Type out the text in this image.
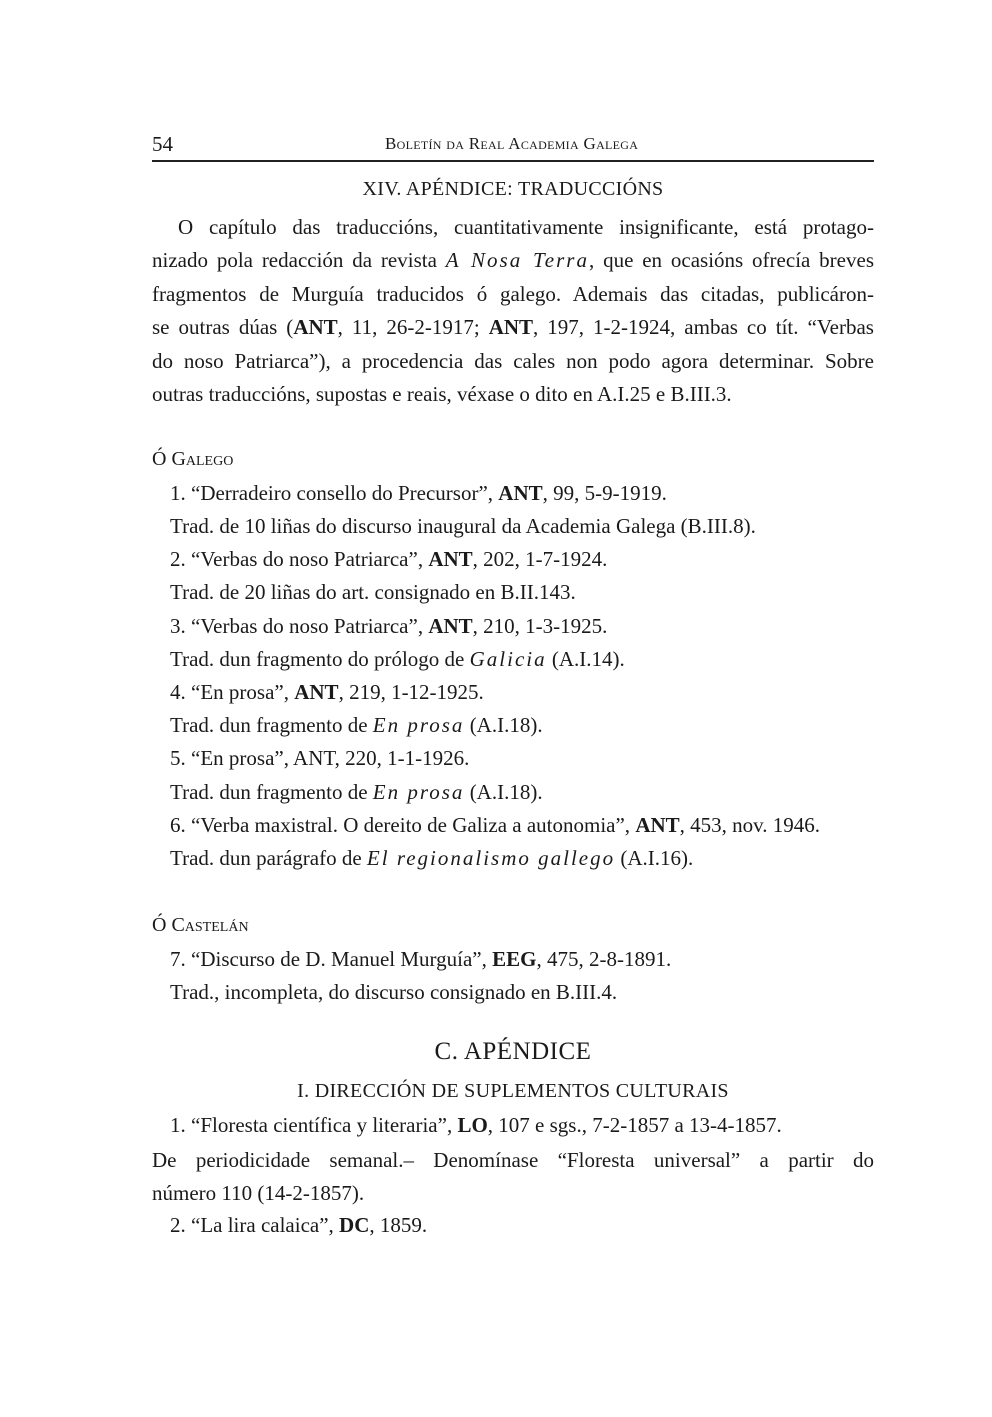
54	Boletín da Real Academia Galega
XIV. APÉNDICE: TRADUCCIÓNS
O capítulo das traduccións, cuantitativamente insignificante, está protago-
nizado pola redacción da revista A Nosa Terra, que en ocasións ofrecía breves
fragmentos de Murguía traducidos ó galego. Ademais das citadas, publicáron-
se outras dúas (ANT, 11, 26-2-1917; ANT, 197, 1-2-1924, ambas co tít. “Verbas
do noso Patriarca”), a procedencia das cales non podo agora determinar. Sobre
outras traduccións, supostas e reais, véxase o dito en A.I.25 e B.III.3.
Ó Galego
1. “Derradeiro consello do Precursor”, ANT, 99, 5-9-1919.
Trad. de 10 liñas do discurso inaugural da Academia Galega (B.III.8).
2. “Verbas do noso Patriarca”, ANT, 202, 1-7-1924.
Trad. de 20 liñas do art. consignado en B.II.143.
3. “Verbas do noso Patriarca”, ANT, 210, 1-3-1925.
Trad. dun fragmento do prólogo de Galicia (A.I.14).
4. “En prosa”, ANT, 219, 1-12-1925.
Trad. dun fragmento de En prosa (A.I.18).
5. “En prosa”, ANT, 220, 1-1-1926.
Trad. dun fragmento de En prosa (A.I.18).
6. “Verba maxistral. O dereito de Galiza a autonomia”, ANT, 453, nov. 1946.
Trad. dun parágrafo de El regionalismo gallego (A.I.16).
Ó Castelán
7. “Discurso de D. Manuel Murguía”, EEG, 475, 2-8-1891.
Trad., incompleta, do discurso consignado en B.III.4.
C. APÉNDICE
I. DIRECCIÓN DE SUPLEMENTOS CULTURAIS
1. “Floresta científica y literaria”, LO, 107 e sgs., 7-2-1857 a 13-4-1857.
De periodicidade semanal.– Denomínase “Floresta universal” a partir do
número 110 (14-2-1857).
2. “La lira calaica”, DC, 1859.
